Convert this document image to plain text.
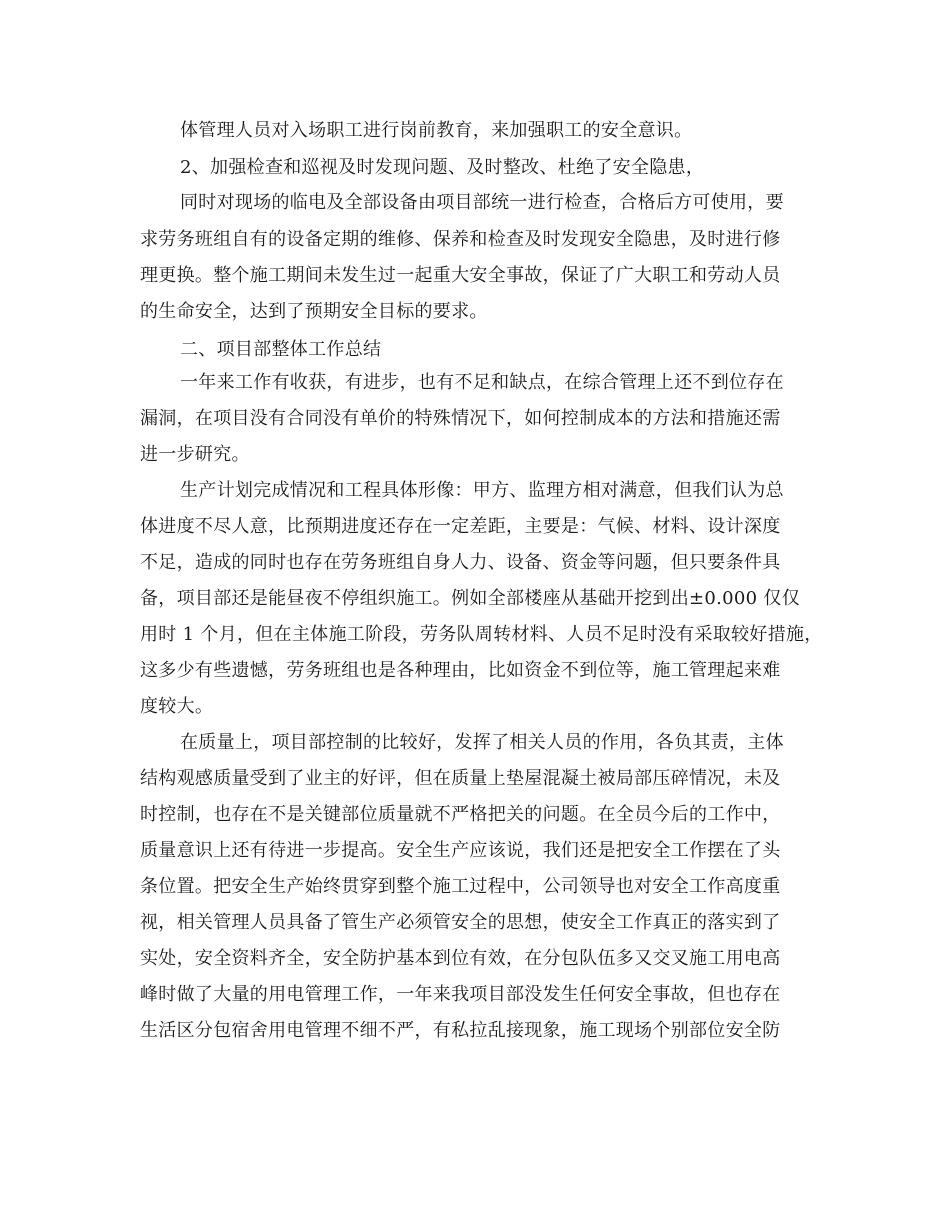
体管理人员对入场职工进行岗前教育，来加强职工的安全意识。
2、加强检查和巡视及时发现问题、及时整改、杜绝了安全隐患，
同时对现场的临电及全部设备由项目部统一进行检查，合格后方可使用，要
求劳务班组自有的设备定期的维修、保养和检查及时发现安全隐患，及时进行修
理更换。整个施工期间未发生过一起重大安全事故，保证了广大职工和劳动人员
的生命安全，达到了预期安全目标的要求。
二、项目部整体工作总结
一年来工作有收获，有进步，也有不足和缺点，在综合管理上还不到位存在
漏洞，在项目没有合同没有单价的特殊情况下，如何控制成本的方法和措施还需
进一步研究。
生产计划完成情况和工程具体形像：甲方、监理方相对满意，但我们认为总
体进度不尽人意，比预期进度还存在一定差距，主要是：气候、材料、设计深度
不足，造成的同时也存在劳务班组自身人力、设备、资金等问题，但只要条件具
备，项目部还是能昼夜不停组织施工。例如全部楼座从基础开挖到出±0.000 仅仅
用时 1 个月，但在主体施工阶段，劳务队周转材料、人员不足时没有采取较好措施，
这多少有些遗憾，劳务班组也是各种理由，比如资金不到位等，施工管理起来难
度较大。
在质量上，项目部控制的比较好，发挥了相关人员的作用，各负其责，主体
结构观感质量受到了业主的好评，但在质量上垫屋混凝土被局部压碎情况，未及
时控制，也存在不是关键部位质量就不严格把关的问题。在全员今后的工作中，
质量意识上还有待进一步提高。安全生产应该说，我们还是把安全工作摆在了头
条位置。把安全生产始终贯穿到整个施工过程中，公司领导也对安全工作高度重
视，相关管理人员具备了管生产必须管安全的思想，使安全工作真正的落实到了
实处，安全资料齐全，安全防护基本到位有效，在分包队伍多又交叉施工用电高
峰时做了大量的用电管理工作，一年来我项目部没发生任何安全事故，但也存在
生活区分包宿舍用电管理不细不严，有私拉乱接现象，施工现场个别部位安全防
